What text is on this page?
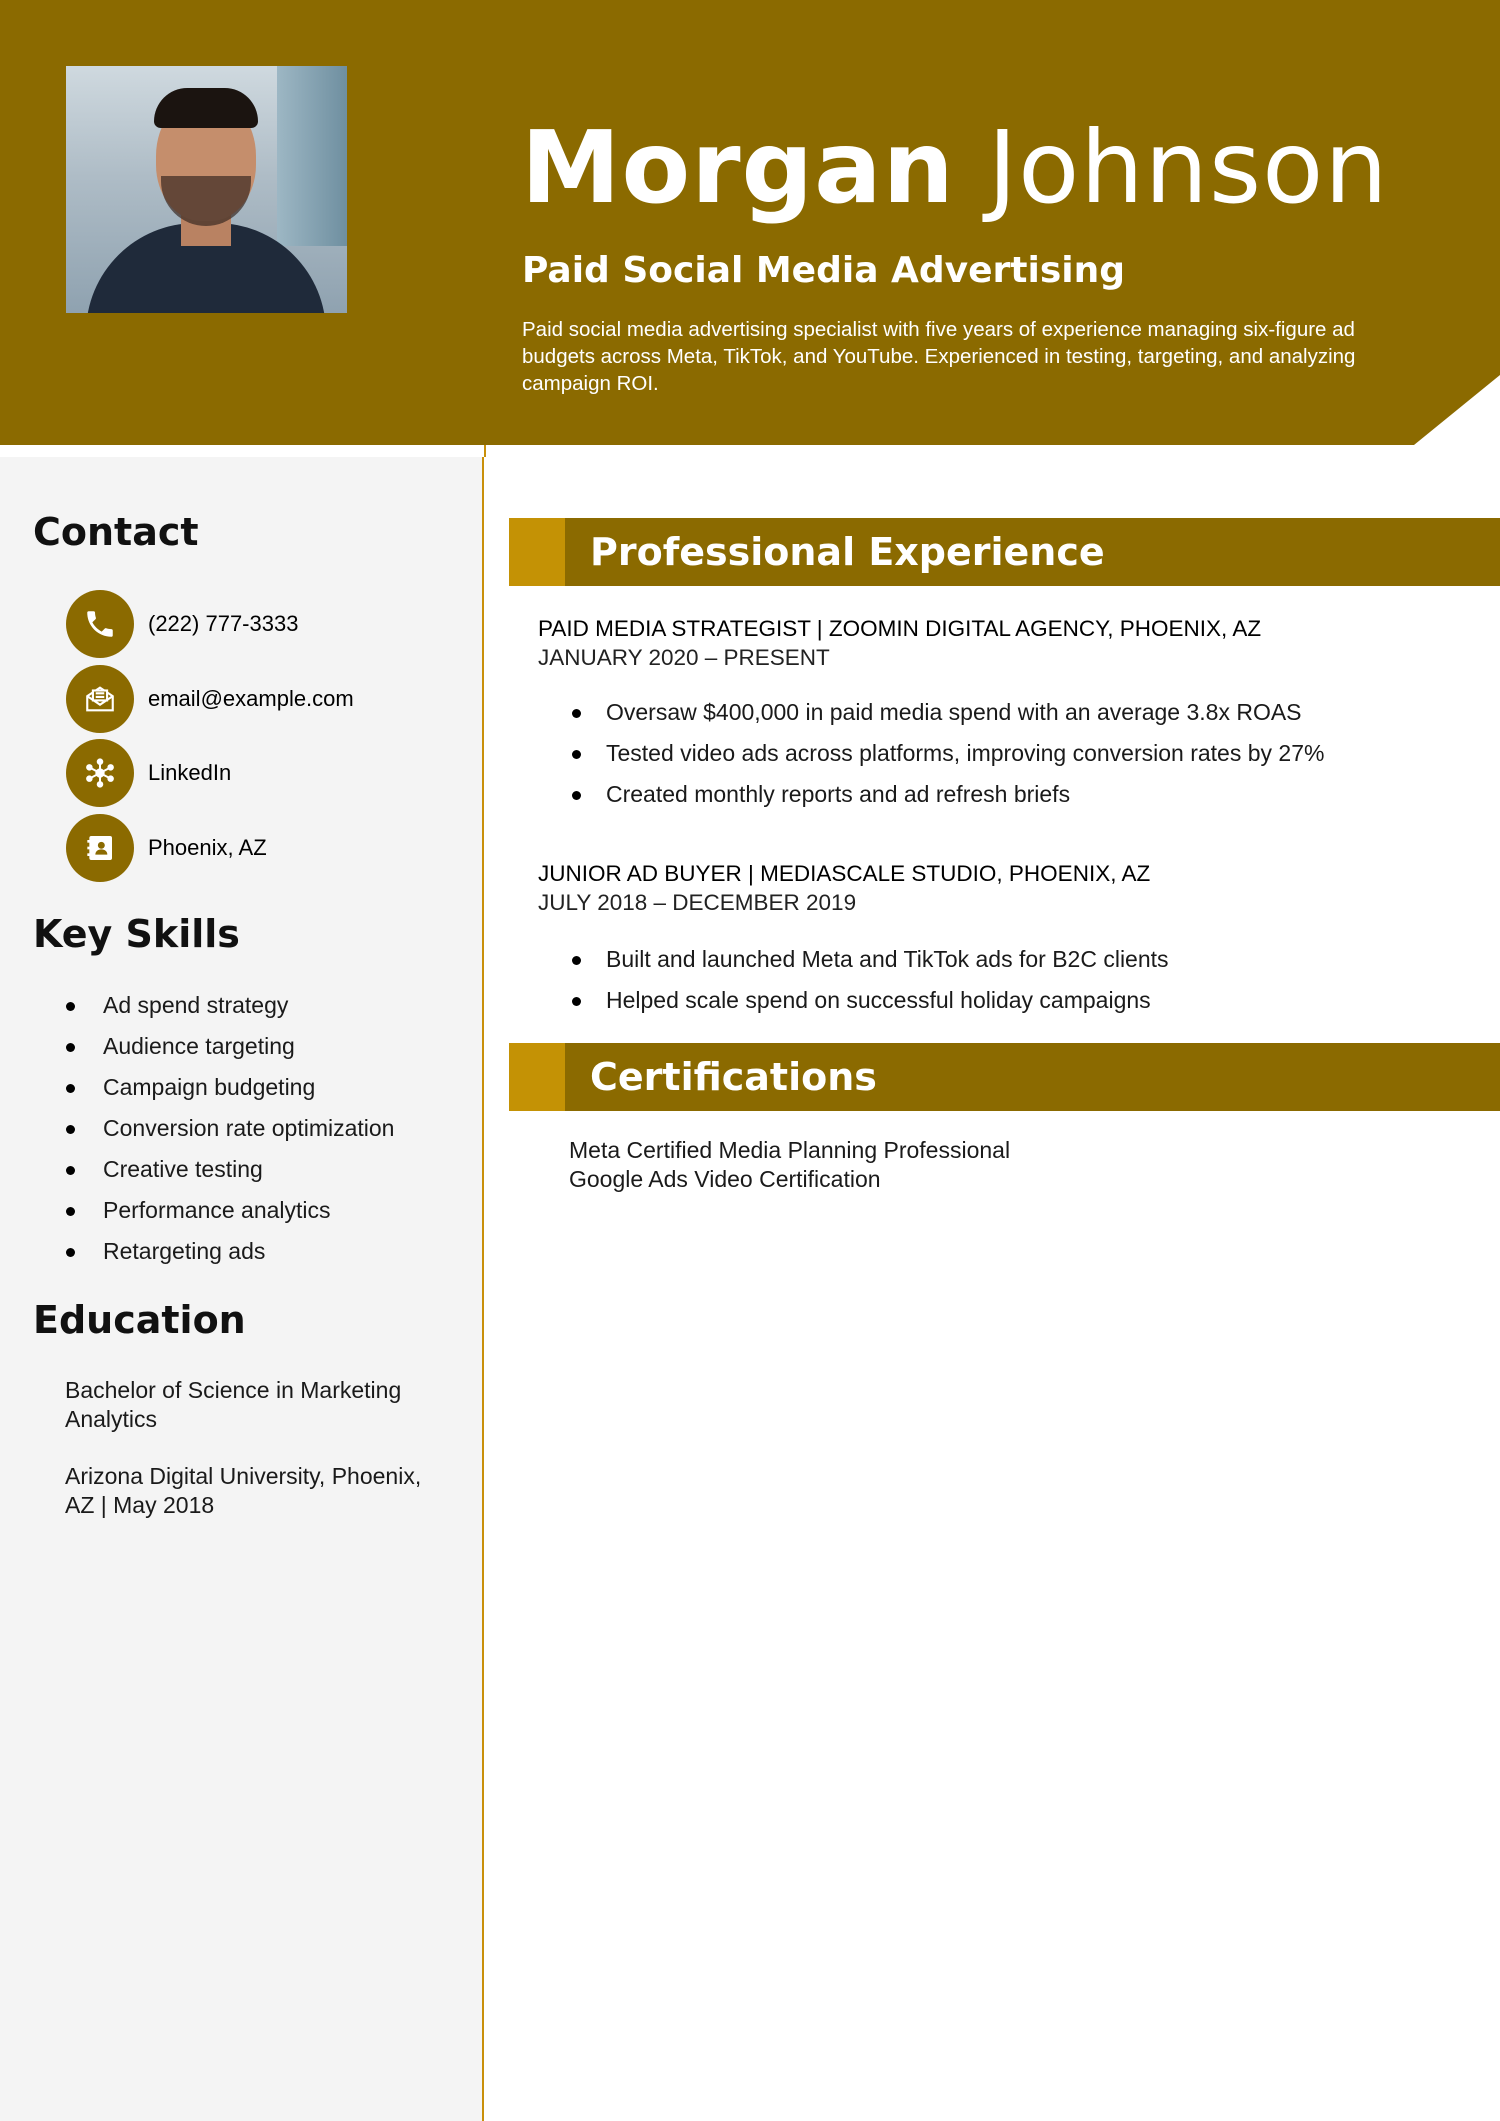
Morgan Johnson
Paid Social Media Advertising
Paid social media advertising specialist with five years of experience managing six-figure ad budgets across Meta, TikTok, and YouTube. Experienced in testing, targeting, and analyzing campaign ROI.
Contact
(222) 777-3333
email@example.com
LinkedIn
Phoenix, AZ
Key Skills
Ad spend strategy
Audience targeting
Campaign budgeting
Conversion rate optimization
Creative testing
Performance analytics
Retargeting ads
Education
Bachelor of Science in Marketing Analytics
Arizona Digital University, Phoenix, AZ | May 2018
Professional Experience
PAID MEDIA STRATEGIST | ZOOMIN DIGITAL AGENCY, PHOENIX, AZ
JANUARY 2020 – PRESENT
Oversaw $400,000 in paid media spend with an average 3.8x ROAS
Tested video ads across platforms, improving conversion rates by 27%
Created monthly reports and ad refresh briefs
JUNIOR AD BUYER | MEDIASCALE STUDIO, PHOENIX, AZ
JULY 2018 – DECEMBER 2019
Built and launched Meta and TikTok ads for B2C clients
Helped scale spend on successful holiday campaigns
Certifications
Meta Certified Media Planning Professional
Google Ads Video Certification
